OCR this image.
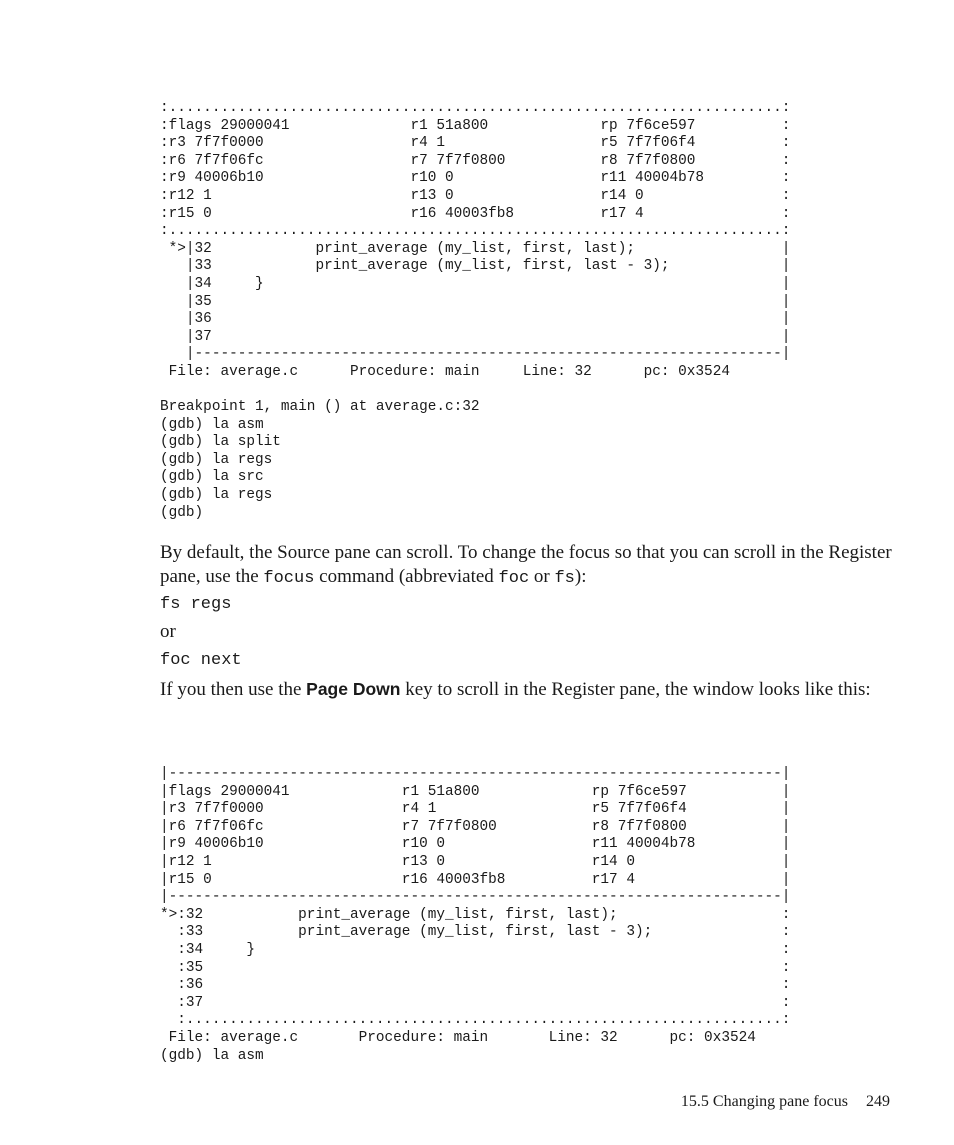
:.......................................................................:
:flags 29000041              r1 51a800             rp 7f6ce597          :
:r3 7f7f0000                 r4 1                  r5 7f7f06f4          :
:r6 7f7f06fc                 r7 7f7f0800           r8 7f7f0800          :
:r9 40006b10                 r10 0                 r11 40004b78         :
:r12 1                       r13 0                 r14 0                :
:r15 0                       r16 40003fb8          r17 4                :
:.......................................................................:
*>|32            print_average (my_list, first, last);                 |
|33            print_average (my_list, first, last - 3);             |
|34     }                                                            |
|35                                                                  |
|36                                                                  |
|37                                                                  |
|--------------------------------------------------------------------|
File: average.c      Procedure: main     Line: 32      pc: 0x3524

Breakpoint 1, main () at average.c:32
(gdb) la asm
(gdb) la split
(gdb) la regs
(gdb) la src
(gdb) la regs
(gdb)

By default, the Source pane can scroll. To change the focus so that you can scroll in the Register pane, use the focus command (abbreviated foc or fs):

fs regs

or

foc next

If you then use the Page Down key to scroll in the Register pane, the window looks like this:

|-----------------------------------------------------------------------|
|flags 29000041             r1 51a800             rp 7f6ce597           |
|r3 7f7f0000                r4 1                  r5 7f7f06f4           |
|r6 7f7f06fc                r7 7f7f0800           r8 7f7f0800           |
|r9 40006b10                r10 0                 r11 40004b78          |
|r12 1                      r13 0                 r14 0                 |
|r15 0                      r16 40003fb8          r17 4                 |
|-----------------------------------------------------------------------|
*>:32           print_average (my_list, first, last);                   :
:33           print_average (my_list, first, last - 3);               :
:34     }                                                             :
:35                                                                   :
:36                                                                   :
:37                                                                   :
:.....................................................................:
File: average.c       Procedure: main       Line: 32      pc: 0x3524
(gdb) la asm
15.5 Changing pane focus 249
